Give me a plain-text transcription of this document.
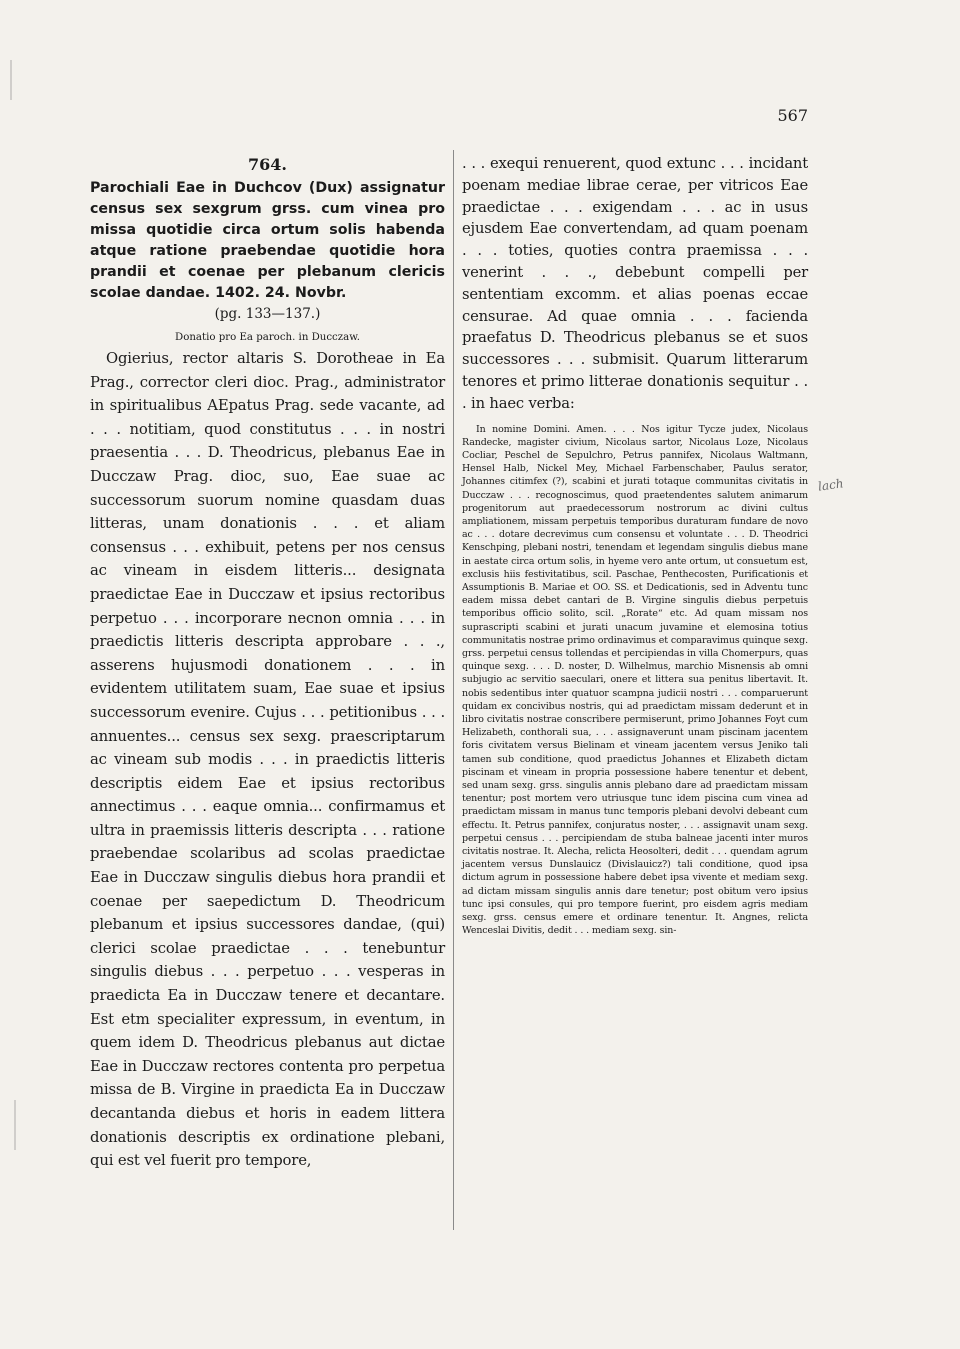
567
764.

Parochiali Eae in Duchcov (Dux) assignatur census sex sexgrum grss. cum vinea pro missa quotidie circa ortum solis habenda atque ratione praebendae quotidie hora prandii et coenae per plebanum clericis scolae dandae. 1402. 24. Novbr.

(pg. 133—137.)
Donatio pro Ea paroch. in Ducczaw.

Ogierius, rector altaris S. Dorotheae in Ea Prag., corrector cleri dioc. Prag., administrator in spiritualibus AEpatus Prag. sede vacante, ad . . . notitiam, quod constitutus . . . in nostri praesentia . . . D. Theodricus, plebanus Eae in Ducczaw Prag. dioc, suo, Eae suae ac successorum suorum nomine quasdam duas litteras, unam donationis . . . et aliam consensus . . . exhibuit, petens per nos census ac vineam in eisdem litteris... designata praedictae Eae in Ducczaw et ipsius rectoribus perpetuo . . . incorporare necnon omnia . . . in praedictis litteris descripta approbare . . ., asserens hujusmodi donationem . . . in evidentem utilitatem suam, Eae suae et ipsius successorum evenire. Cujus . . . petitionibus . . . annuentes... census sex sexg. praescriptarum ac vineam sub modis . . . in praedictis litteris descriptis eidem Eae et ipsius rectoribus annectimus . . . eaque omnia... confirmamus et ultra in praemissis litteris descripta . . . ratione praebendae scolaribus ad scolas praedictae Eae in Ducczaw singulis diebus hora prandii et coenae per saepedictum D. Theodricum plebanum et ipsius successores dandae, (qui) clerici scolae praedictae . . . tenebuntur singulis diebus . . . perpetuo . . . vesperas in praedicta Ea in Ducczaw tenere et decantare. Est etm specialiter expressum, in eventum, in quem idem D. Theodricus plebanus aut dictae Eae in Ducczaw rectores contenta pro perpetua missa de B. Virgine in praedicta Ea in Ducczaw decantanda diebus et horis in eadem littera donationis descriptis ex ordinatione plebani, qui est vel fuerit pro tempore,

. . . exequi renuerent, quod extunc . . . incidant poenam mediae librae cerae, per vitricos Eae praedictae . . . exigendam . . . ac in usus ejusdem Eae convertendam, ad quam poenam . . . toties, quoties contra praemissa . . . venerint . . ., debebunt compelli per sententiam excomm. et alias poenas eccae censurae. Ad quae omnia . . . facienda praefatus D. Theodricus plebanus se et suos successores . . . submisit. Quarum litterarum tenores et primo litterae donationis sequitur . . . in haec verba:

In nomine Domini. Amen. . . . Nos igitur Tycze judex, Nicolaus Randecke, magister civium, Nicolaus sartor, Nicolaus Loze, Nicolaus Cocliar, Peschel de Sepulchro, Petrus pannifex, Nicolaus Waltmann, Hensel Halb, Nickel Mey, Michael Farbenschaber, Paulus serator, Johannes citimfex (?), scabini et jurati totaque communitas civitatis in Ducczaw . . . recognoscimus, quod praetendentes salutem animarum progenitorum aut praedecessorum nostrorum ac divini cultus ampliationem, missam perpetuis temporibus duraturam fundare de novo ac . . . dotare decrevimus cum consensu et voluntate . . . D. Theodrici Kenschping, plebani nostri, tenendam et legendam singulis diebus mane in aestate circa ortum solis, in hyeme vero ante ortum, ut consuetum est, exclusis hiis festivitatibus, scil. Paschae, Penthecosten, Purificationis et Assumptionis B. Mariae et OO. SS. et Dedicationis, sed in Adventu tunc eadem missa debet cantari de B. Virgine singulis diebus perpetuis temporibus officio solito, scil. „Rorate“ etc. Ad quam missam nos suprascripti scabini et jurati unacum juvamine et elemosina totius communitatis nostrae primo ordinavimus et comparavimus quinque sexg. grss. perpetui census tollendas et percipiendas in villa Chomerpurs, quas quinque sexg. . . . D. noster, D. Wilhelmus, marchio Misnensis ab omni subjugio ac servitio saeculari, onere et littera sua penitus libertavit. It. nobis sedentibus inter quatuor scampna judicii nostri . . . comparuerunt quidam ex concivibus nostris, qui ad praedictam missam dederunt et in libro civitatis nostrae conscribere permiserunt, primo Johannes Foyt cum Helizabeth, conthorali sua, . . . assignaverunt unam piscinam jacentem foris civitatem versus Bielinam et vineam jacentem versus Jeniko tali tamen sub conditione, quod praedictus Johannes et Elizabeth dictam piscinam et vineam in propria possessione habere tenentur et debent, sed unam sexg. grss. singulis annis plebano dare ad praedictam missam tenentur; post mortem vero utriusque tunc idem piscina cum vinea ad praedictam missam in manus tunc temporis plebani devolvi debeant cum effectu. It. Petrus pannifex, conjuratus noster, . . . assignavit unam sexg. perpetui census . . . percipiendam de stuba balneae jacenti inter muros civitatis nostrae. It. Alecha, relicta Heosolteri, dedit . . . quendam agrum jacentem versus Dunslauicz (Divislauicz?) tali conditione, quod ipsa dictum agrum in possessione habere debet ipsa vivente et mediam sexg. ad dictam missam singulis annis dare tenetur; post obitum vero ipsius tunc ipsi consules, qui pro tempore fuerint, pro eisdem agris mediam sexg. grss. census emere et ordinare tenentur. It. Angnes, relicta Wenceslai Divitis, dedit . . . mediam sexg. sin-

lach
